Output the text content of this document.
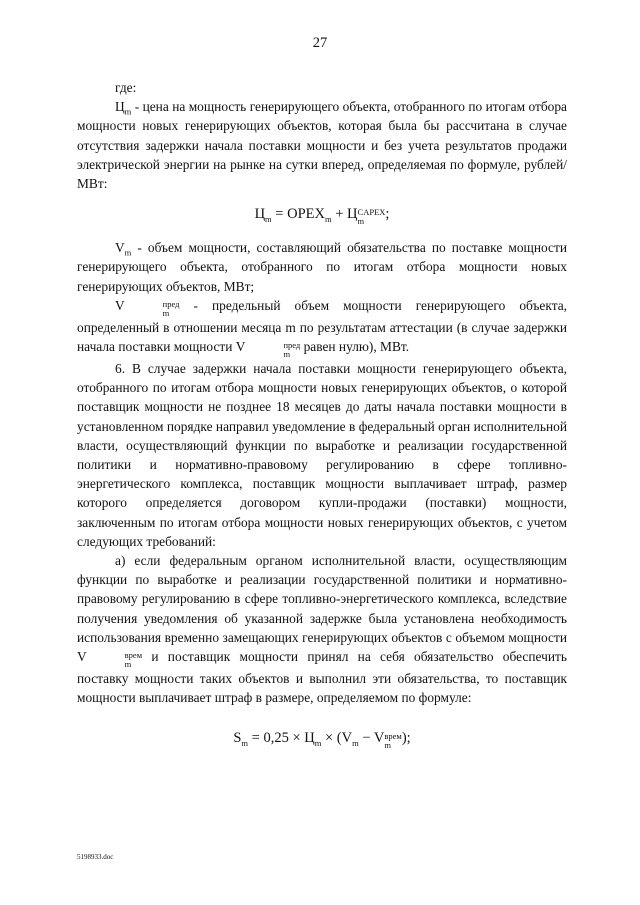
27

где:

$Ц_m$ - цена на мощность генерирующего объекта, отобранного по итогам отбора мощности новых генерирующих объектов, которая была бы рассчитана в случае отсутствия задержки начала поставки мощности и без учета результатов продажи электрической энергии на рынке на сутки вперед, определяемая по формуле, рублей/МВт:

$Ц_m$ = $OPEX_m + Ц$ CAPEX
m	;

$V_m$ - объем мощности, составляющий обязательства по поставке мощности генерирующего объекта, отобранного по итогам отбора мощности новых генерирующих объектов, МВт;

V	пред
m - предельный объем мощности генерирующего объекта, определенный в отношении месяца m по результатам аттестации (в случае задержки начала поставки мощности V	пред
m равен нулю), МВт.

6. В случае задержки начала поставки мощности генерирующего объекта, отобранного по итогам отбора мощности новых генерирующих объектов, о которой поставщик мощности не позднее 18 месяцев до даты начала поставки мощности в установленном порядке направил уведомление в федеральный орган исполнительной власти, осуществляющий функции по выработке и реализации государственной политики и нормативно-правовому регулированию в сфере топливно-энергетического комплекса, поставщик мощности выплачивает штраф, размер которого определяется договором купли-продажи (поставки) мощности, заключенным по итогам отбора мощности новых генерирующих объектов, с учетом следующих требований:

а) если федеральным органом исполнительной власти, осуществляющим функции по выработке и реализации государственной политики и нормативно-правовому регулированию в сфере топливно-энергетического комплекса, вследствие получения уведомления об указанной задержке была установлена необходимость использования временно замещающих генерирующих объектов с объемом мощности V	врем
m и поставщик мощности принял на себя обязательство обеспечить поставку мощности таких объектов и выполнил эти обязательства, то поставщик мощности выплачивает штраф в размере, определяемом по формуле:

$S_m = 0,25 \times Ц_m \times (V_m - V$ врем
m );
5198933.doc
